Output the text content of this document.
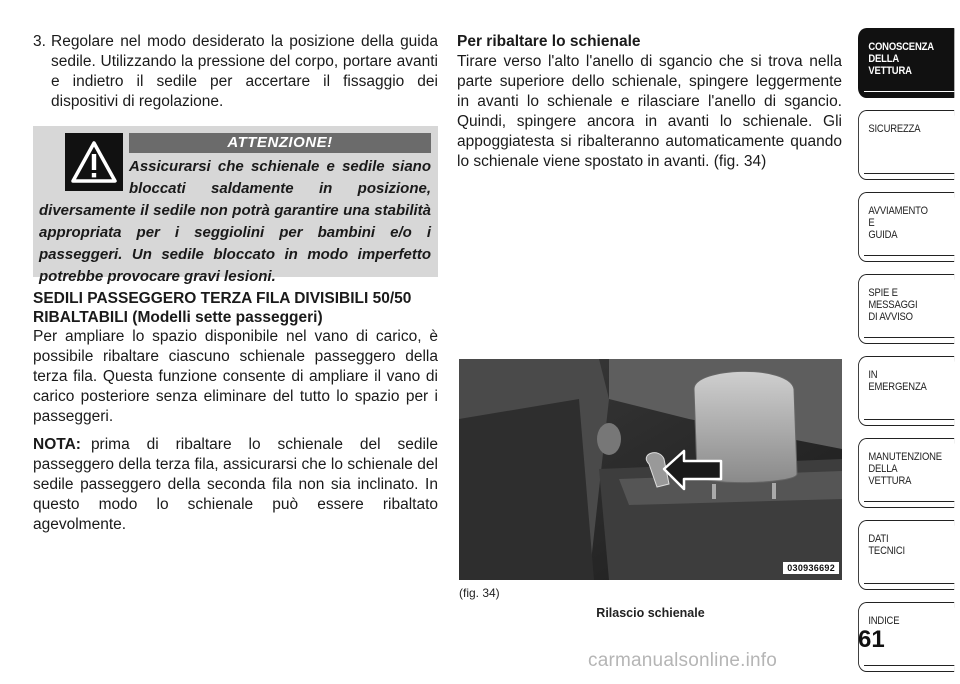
3. Regolare nel modo desiderato la posizione della guida sedile. Utilizzando la pressione del corpo, portare avanti e indietro il sedile per accertare il fissaggio dei dispositivi di regolazione.
ATTENZIONE!
Assicurarsi che schienale e sedile siano bloccati saldamente in posizione, diversamente il sedile non potrà garantire una stabilità appropriata per i seggiolini per bambini e/o i passeggeri. Un sedile bloccato in modo imperfetto potrebbe provocare gravi lesioni.
SEDILI PASSEGGERO TERZA FILA DIVISIBILI 50/50 RIBALTABILI (Modelli sette passeggeri)
Per ampliare lo spazio disponibile nel vano di carico, è possibile ribaltare ciascuno schienale passeggero della terza fila. Questa funzione consente di ampliare il vano di carico posteriore senza eliminare del tutto lo spazio per i passeggeri.
NOTA: prima di ribaltare lo schienale del sedile passeggero della terza fila, assicurarsi che lo schienale del sedile passeggero della seconda fila non sia inclinato. In questo modo lo schienale può essere ribaltato agevolmente.
Per ribaltare lo schienale
Tirare verso l'alto l'anello di sgancio che si trova nella parte superiore dello schienale, spingere leggermente in avanti lo schienale e rilasciare l'anello di sgancio. Quindi, spingere ancora in avanti lo schienale. Gli appoggiatesta si ribalteranno automaticamente quando lo schienale viene spostato in avanti. (fig. 34)
030936692
(fig. 34)
Rilascio schienale
CONOSCENZA
DELLA
VETTURA
SICUREZZA
AVVIAMENTO
E
GUIDA
SPIE E
MESSAGGI
DI AVVISO
IN
EMERGENZA
MANUTENZIONE
DELLA
VETTURA
DATI
TECNICI
INDICE
61
carmanualsonline.info
